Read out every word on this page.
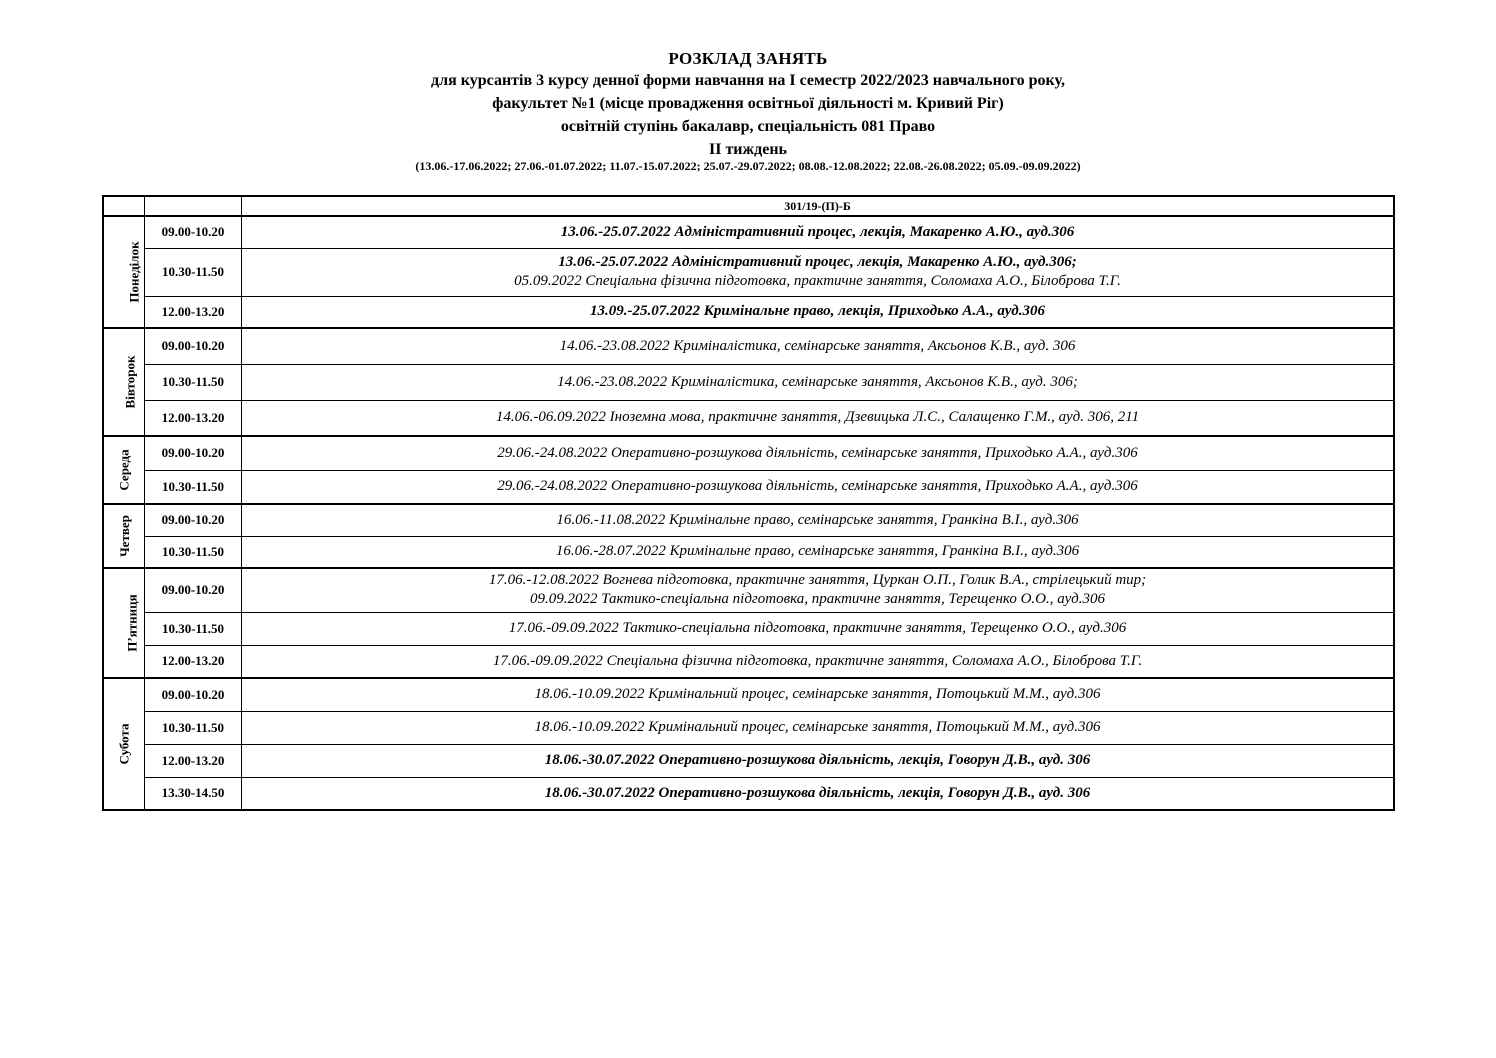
РОЗКЛАД ЗАНЯТЬ
для курсантів 3 курсу денної форми навчання на І семестр 2022/2023 навчального року,
факультет №1 (місце провадження освітньої діяльності м. Кривий Ріг)
освітній ступінь бакалавр, спеціальність 081 Право
ІІ тиждень
(13.06.-17.06.2022; 27.06.-01.07.2022; 11.07.-15.07.2022; 25.07.-29.07.2022; 08.08.-12.08.2022; 22.08.-26.08.2022; 05.09.-09.09.2022)
		301/19-(П)-Б
Понеділок	09.00-10.20	13.06.-25.07.2022 Адміністративний процес, лекція, Макаренко А.Ю., ауд.306

	10.30-11.50	13.06.-25.07.2022 Адміністративний процес, лекція, Макаренко А.Ю., ауд.306;
05.09.2022 Спеціальна фізична підготовка, практичне заняття, Соломаха А.О., Білоброва Т.Г.

	12.00-13.20	13.09.-25.07.2022 Кримінальне право, лекція, Приходько А.А., ауд.306

Вівторок	09.00-10.20	14.06.-23.08.2022 Криміналістика, семінарське заняття, Аксьонов К.В., ауд. 306

	10.30-11.50	14.06.-23.08.2022 Криміналістика, семінарське заняття, Аксьонов К.В., ауд. 306;

	12.00-13.20	14.06.-06.09.2022 Іноземна мова, практичне заняття, Дзевицька Л.С., Салащенко Г.М., ауд. 306, 211

Середа	09.00-10.20	29.06.-24.08.2022 Оперативно-розшукова діяльність, семінарське заняття, Приходько А.А., ауд.306

	10.30-11.50	29.06.-24.08.2022 Оперативно-розшукова діяльність, семінарське заняття, Приходько А.А., ауд.306

Четвер	09.00-10.20	16.06.-11.08.2022 Кримінальне право, семінарське заняття, Гранкіна В.І., ауд.306

	10.30-11.50	16.06.-28.07.2022 Кримінальне право, семінарське заняття, Гранкіна В.І., ауд.306

П’ятниця	09.00-10.20	17.06.-12.08.2022 Вогнева підготовка, практичне заняття, Цуркан О.П., Голик В.А., стрілецький тир;
09.09.2022 Тактико-спеціальна підготовка, практичне заняття, Терещенко О.О., ауд.306

	10.30-11.50	17.06.-09.09.2022 Тактико-спеціальна підготовка, практичне заняття, Терещенко О.О., ауд.306

	12.00-13.20	17.06.-09.09.2022 Спеціальна фізична підготовка, практичне заняття, Соломаха А.О., Білоброва Т.Г.

Субота	09.00-10.20	18.06.-10.09.2022 Кримінальний процес, семінарське заняття, Потоцький М.М., ауд.306

	10.30-11.50	18.06.-10.09.2022 Кримінальний процес, семінарське заняття, Потоцький М.М., ауд.306

	12.00-13.20	18.06.-30.07.2022 Оперативно-розшукова діяльність, лекція, Говорун Д.В., ауд. 306

	13.30-14.50	18.06.-30.07.2022 Оперативно-розшукова діяльність, лекція, Говорун Д.В., ауд. 306
